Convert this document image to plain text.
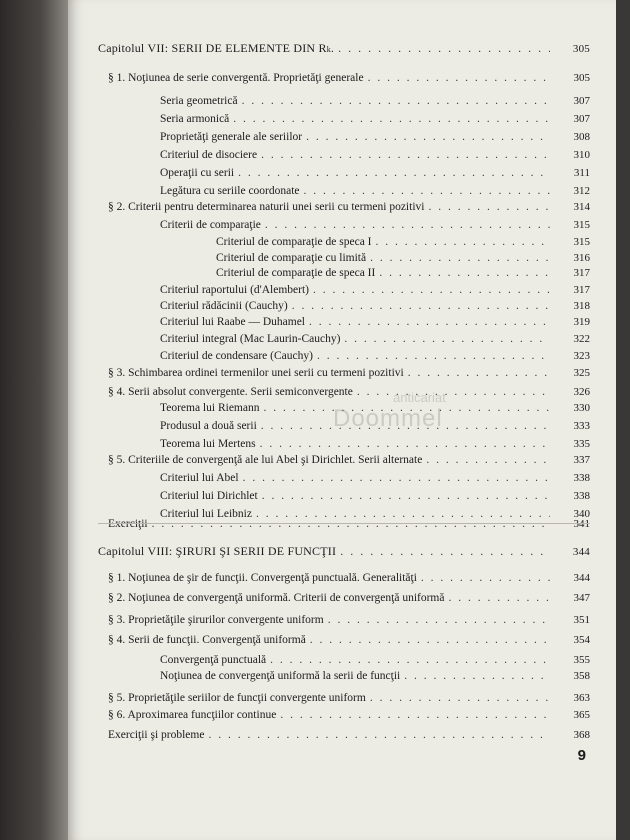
Capitolul VII: SERII DE ELEMENTE DIN R k . . . .	305
§ 1. Noţiunea de serie convergentă. Proprietăţi generale . . .	305
Seria geometrică . . .	307
Seria armonică . . .	307
Proprietăţi generale ale seriilor . . .	308
Criteriul de disociere . . .	310
Operaţii cu serii . . .	311
Legătura cu seriile coordonate . . .	312
§ 2. Criterii pentru determinarea naturii unei serii cu termeni pozitivi . . .	314
Criterii de comparaţie . . .	315
Criteriul de comparaţie de speca I . . .	315
Criteriul de comparaţie cu limită . . .	316
Criteriul de comparaţie de speca II . . .	317
Criteriul raportului (d'Alembert) . . .	317
Criteriul rădăcinii (Cauchy) . . .	318
Criteriul lui Raabe — Duhamel . . .	319
Criteriul integral (Mac Laurin-Cauchy) . . .	322
Criteriul de condensare (Cauchy) . . .	323
§ 3. Schimbarea ordinei termenilor unei serii cu termeni pozitivi . . .	325
§ 4. Serii absolut convergente. Serii semiconvergente . . .	326
Teorema lui Riemann . . .	330
Produsul a două serii . . .	333
Teorema lui Mertens . . .	335
§ 5. Criteriile de convergenţă ale lui Abel şi Dirichlet. Serii alternate . . .	337
Criteriul lui Abel . . .	338
Criteriul lui Dirichlet . . .	338
Criteriul lui Leibniz . . .	340
Exerciţii . . .	341
Capitolul VIII: ŞIRURI ŞI SERII DE FUNCŢII . . .	344
§ 1. Noţiunea de şir de funcţii. Convergenţă punctuală. Generalităţi . . .	344
§ 2. Noţiunea de convergenţă uniformă. Criterii de convergenţă uniformă . . .	347
§ 3. Proprietăţile şirurilor convergente uniform . . .	351
§ 4. Serii de funcţii. Convergenţă uniformă . . .	354
Convergenţă punctuală . . .	355
Noţiunea de convergenţă uniformă la serii de funcţii . . .	358
§ 5. Proprietăţile seriilor de funcţii convergente uniform . . .	363
§ 6. Aproximarea funcţiilor continue . . .	365
Exerciţii şi probleme . . .	368
anticariat
Doommel
9
